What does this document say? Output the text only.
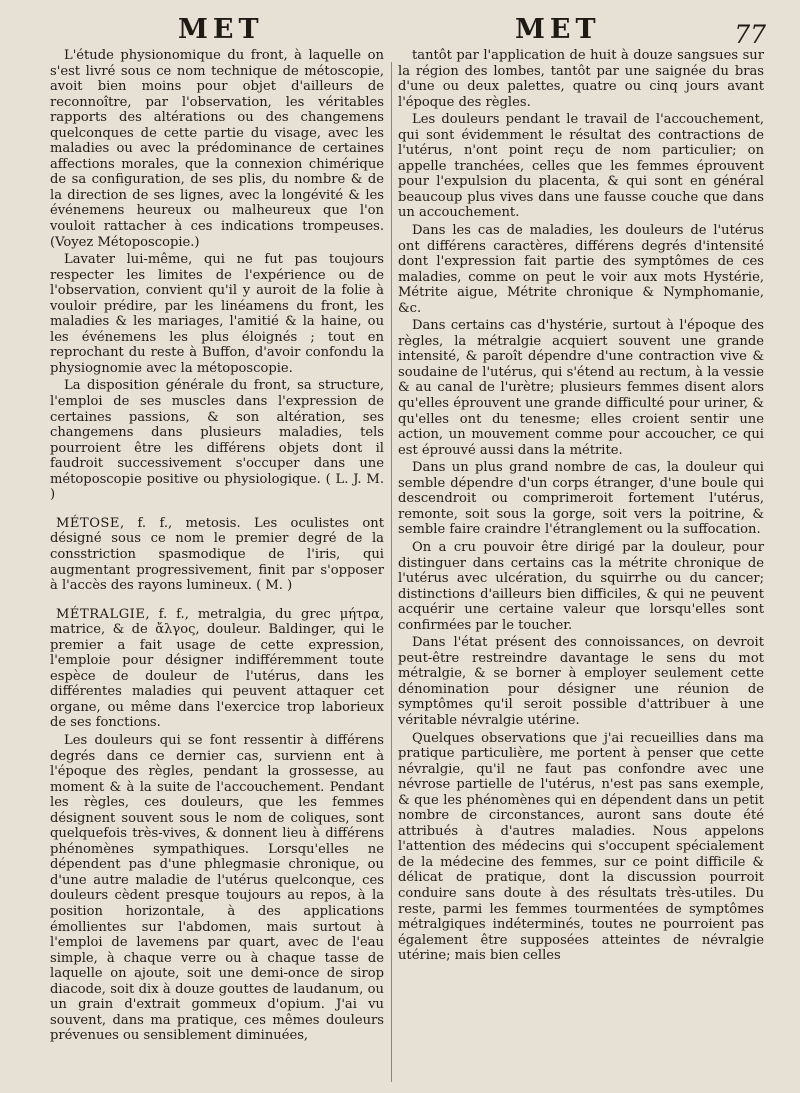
MET	MET	77

L'étude physionomique du front, à laquelle on s'est livré sous ce nom technique de métoscopie, avoit bien moins pour objet d'ailleurs de reconnoître, par l'observation, les véritables rapports des altérations ou des changemens quelconques de cette partie du visage, avec les maladies ou avec la prédominance de certaines affections morales, que la connexion chimérique de sa configuration, de ses plis, du nombre & de la direction de ses lignes, avec la longévité & les événemens heureux ou malheureux que l'on vouloit rattacher à ces indications trompeuses. (Voyez Métoposcopie.)

Lavater lui-même, qui ne fut pas toujours respecter les limites de l'expérience ou de l'observation, convient qu'il y auroit de la folie à vouloir prédire, par les linéamens du front, les maladies & les mariages, l'amitié & la haine, ou les événemens les plus éloignés ; tout en reprochant du reste à Buffon, d'avoir confondu la physiognomie avec la métoposcopie.

La disposition générale du front, sa structure, l'emploi de ses muscles dans l'expression de certaines passions, & son altération, ses changemens dans plusieurs maladies, tels pourroient être les différens objets dont il faudroit successivement s'occuper dans une métoposcopie positive ou physiologique. ( L. J. M. )

MÉTOSE, f. f., metosis. Les oculistes ont désigné sous ce nom le premier degré de la consstriction spasmodique de l'iris, qui augmentant progressivement, finit par s'opposer à l'accès des rayons lumineux. ( M. )

MÉTRALGIE, f. f., metralgia, du grec μήτρα, matrice, & de ἄλγος, douleur. Baldinger, qui le premier a fait usage de cette expression, l'emploie pour désigner indifféremment toute espèce de douleur de l'utérus, dans les différentes maladies qui peuvent attaquer cet organe, ou même dans l'exercice trop laborieux de ses fonctions.

Les douleurs qui se font ressentir à différens degrés dans ce dernier cas, survienn ent à l'époque des règles, pendant la grossesse, au moment & à la suite de l'accouchement. Pendant les règles, ces douleurs, que les femmes désignent souvent sous le nom de coliques, sont quelquefois très-vives, & donnent lieu à différens phénomènes sympathiques. Lorsqu'elles ne dépendent pas d'une phlegmasie chronique, ou d'une autre maladie de l'utérus quelconque, ces douleurs cèdent presque toujours au repos, à la position horizontale, à des applications émollientes sur l'abdomen, mais surtout à l'emploi de lavemens par quart, avec de l'eau simple, à chaque verre ou à chaque tasse de laquelle on ajoute, soit une demi-once de sirop diacode, soit dix à douze gouttes de laudanum, ou un grain d'extrait gommeux d'opium. J'ai vu souvent, dans ma pratique, ces mêmes douleurs prévenues ou sensiblement diminuées,

tantôt par l'application de huit à douze sangsues sur la région des lombes, tantôt par une saignée du bras d'une ou deux palettes, quatre ou cinq jours avant l'époque des règles.

Les douleurs pendant le travail de l'accouchement, qui sont évidemment le résultat des contractions de l'utérus, n'ont point reçu de nom particulier; on appelle tranchées, celles que les femmes éprouvent pour l'expulsion du placenta, & qui sont en général beaucoup plus vives dans une fausse couche que dans un accouchement.

Dans les cas de maladies, les douleurs de l'utérus ont différens caractères, différens degrés d'intensité dont l'expression fait partie des symptômes de ces maladies, comme on peut le voir aux mots Hystérie, Métrite aigue, Métrite chronique & Nymphomanie, &c.

Dans certains cas d'hystérie, surtout à l'époque des règles, la métralgie acquiert souvent une grande intensité, & paroît dépendre d'une contraction vive & soudaine de l'utérus, qui s'étend au rectum, à la vessie & au canal de l'urètre; plusieurs femmes disent alors qu'elles éprouvent une grande difficulté pour uriner, & qu'elles ont du tenesme; elles croient sentir une action, un mouvement comme pour accoucher, ce qui est éprouvé aussi dans la métrite.

Dans un plus grand nombre de cas, la douleur qui semble dépendre d'un corps étranger, d'une boule qui descendroit ou comprimeroit fortement l'utérus, remonte, soit sous la gorge, soit vers la poitrine, & semble faire craindre l'étranglement ou la suffocation.

On a cru pouvoir être dirigé par la douleur, pour distinguer dans certains cas la métrite chronique de l'utérus avec ulcération, du squirrhe ou du cancer; distinctions d'ailleurs bien difficiles, & qui ne peuvent acquérir une certaine valeur que lorsqu'elles sont confirmées par le toucher.

Dans l'état présent des connoissances, on devroit peut-être restreindre davantage le sens du mot métralgie, & se borner à employer seulement cette dénomination pour désigner une réunion de symptômes qu'il seroit possible d'attribuer à une véritable névralgie utérine.

Quelques observations que j'ai recueillies dans ma pratique particulière, me portent à penser que cette névralgie, qu'il ne faut pas confondre avec une névrose partielle de l'utérus, n'est pas sans exemple, & que les phénomènes qui en dépendent dans un petit nombre de circonstances, auront sans doute été attribués à d'autres maladies. Nous appelons l'attention des médecins qui s'occupent spécialement de la médecine des femmes, sur ce point difficile & délicat de pratique, dont la discussion pourroit conduire sans doute à des résultats très-utiles. Du reste, parmi les femmes tourmentées de symptômes métralgiques indéterminés, toutes ne pourroient pas également être supposées atteintes de névralgie utérine; mais bien celles
